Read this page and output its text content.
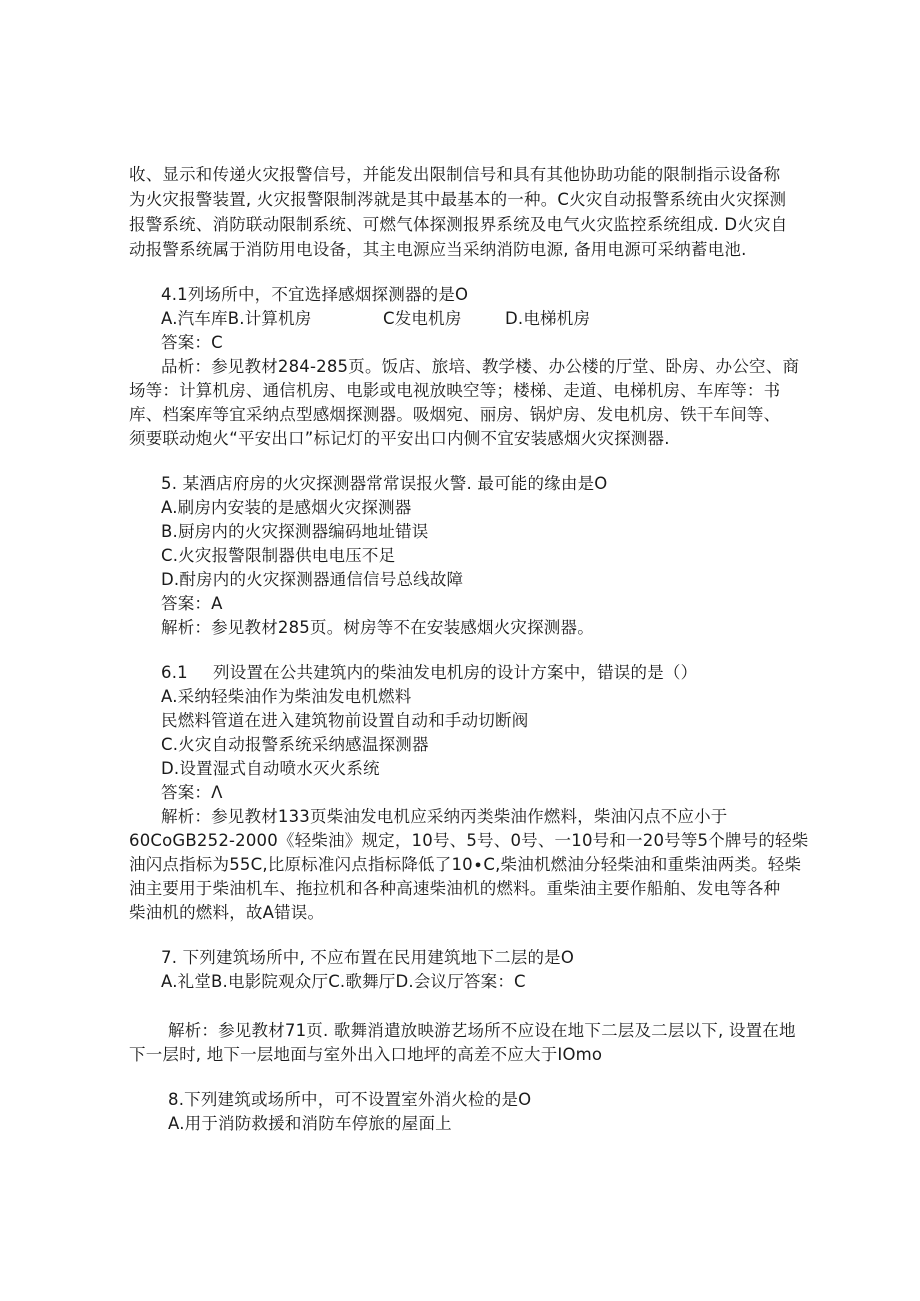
收、显示和传递火灾报警信号，并能发出限制信号和具有其他协助功能的限制指示设备称
为火灾报警装置, 火灾报警限制涔就是其中最基本的一种。C火灾自动报警系统由火灾探测
报警系统、消防联动限制系统、可燃气体探测报界系统及电气火灾监控系统组成. D火灾自
动报警系统属于消防用电设备，其主电源应当采纳消防电源, 备用电源可采纳蓄电池.
4.1列场所中，不宜选择感烟探测器的是O
A.汽车库B.计算机房	C发电机房	D.电梯机房
答案：C
品析：参见教材284-285页。饭店、旅培、教学楼、办公楼的厅堂、卧房、办公空、商
场等：计算机房、通信机房、电影或电视放映空等；楼梯、走道、电梯机房、车库等：书
库、档案库等宜采纳点型感烟探测器。吸烟宛、丽房、锅炉房、发电机房、铁干车间等、
须要联动炮火“平安出口”标记灯的平安出口内侧不宜安装感烟火灾探测器.
5. 某酒店府房的火灾探测器常常误报火警. 最可能的缘由是O
A.刷房内安装的是感烟火灾探测器
B.厨房内的火灾探测器编码地址错误
C.火灾报警限制器供电电压不足
D.酎房内的火灾探测器通信信号总线故障
答案：A
解析：参见教材285页。树房等不在安装感烟火灾探测器。
6.1 列设置在公共建筑内的柴油发电机房的设计方案中，错误的是（）
A.采纳轻柴油作为柴油发电机燃料
民燃料管道在进入建筑物前设置自动和手动切断阀
C.火灾自动报警系统采纳感温探测器
D.设置湿式自动喷水灭火系统
答案：Λ
解析：参见教材133页柴油发电机应采纳丙类柴油作燃料，柴油闪点不应小于
60CoGB252-2000《轻柴油》规定，10号、5号、0号、一10号和一20号等5个牌号的轻柴
油闪点指标为55C,比原标准闪点指标降低了10∙C,柴油机燃油分轻柴油和重柴油两类。轻柴
油主要用于柴油机车、拖拉机和各种高速柴油机的燃料。重柴油主要作船舶、发电等各种
柴油机的燃料，故A错误。
7. 下列建筑场所中, 不应布置在民用建筑地下二层的是O
A.礼堂B.电影院观众厅C.歌舞厅D.会议厅答案：C
解析：参见教材71页. 歌舞消遣放映游艺场所不应设在地下二层及二层以下, 设置在地
下一层时, 地下一层地面与室外出入口地坪的高差不应大于IOmo
8.下列建筑或场所中，可不设置室外消火检的是O
A.用于消防救援和消防车停旅的屋面上
